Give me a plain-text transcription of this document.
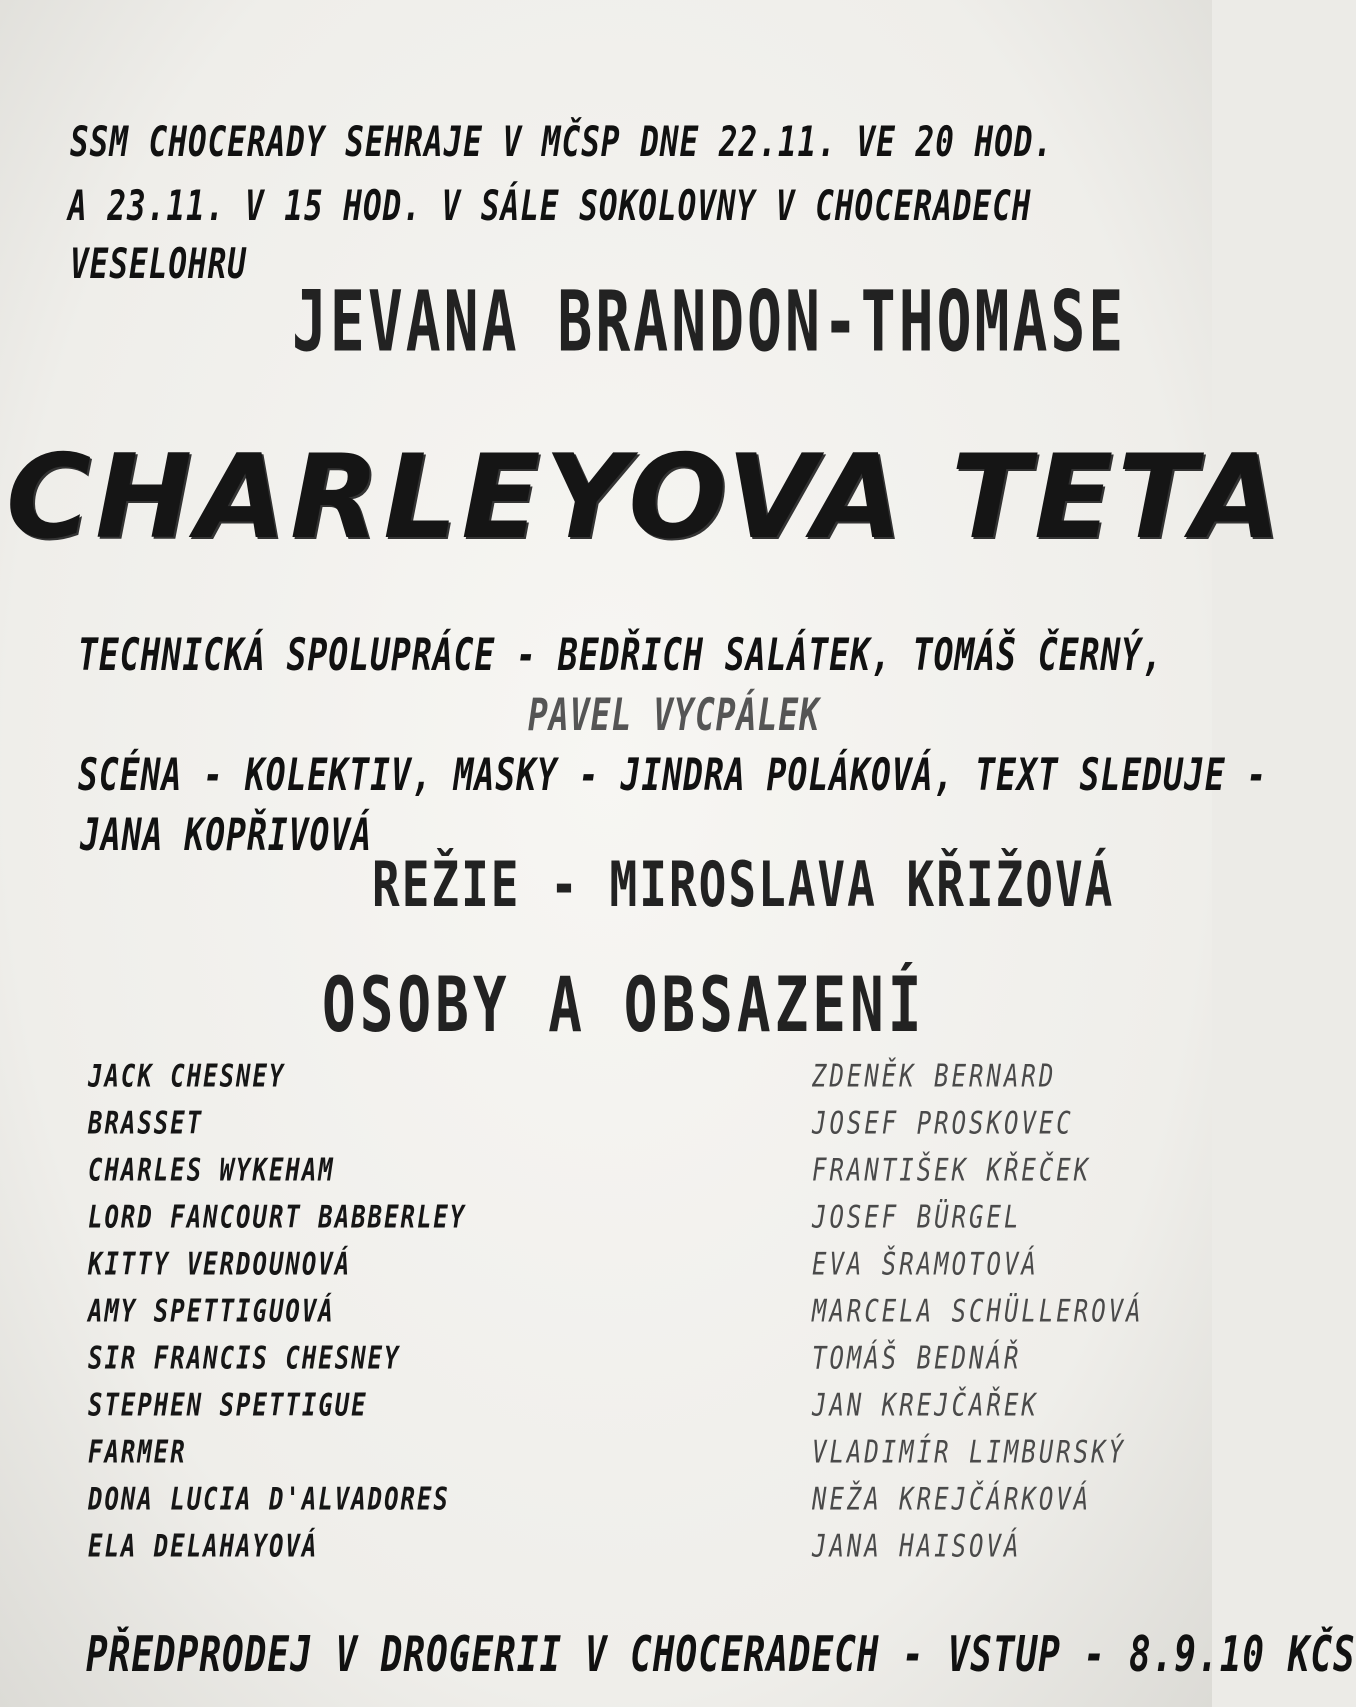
SSM CHOCERADY SEHRAJE V MČSP DNE 22.11. VE 20 HOD.
A 23.11. V 15 HOD. V SÁLE SOKOLOVNY V CHOCERADECH
VESELOHRU
JEVANA BRANDON-THOMASE
CHARLEYOVA TETA
TECHNICKÁ SPOLUPRÁCE - BEDŘICH SALÁTEK, TOMÁŠ ČERNÝ,
PAVEL VYCPÁLEK
SCÉNA - KOLEKTIV, MASKY - JINDRA POLÁKOVÁ, TEXT SLEDUJE -
JANA KOPŘIVOVÁ
REŽIE - MIROSLAVA KŘIŽOVÁ
OSOBY A OBSAZENÍ
JACK CHESNEY
BRASSET
CHARLES WYKEHAM
LORD FANCOURT BABBERLEY
KITTY VERDOUNOVÁ
AMY SPETTIGUOVÁ
SIR FRANCIS CHESNEY
STEPHEN SPETTIGUE
FARMER
DONA LUCIA D'ALVADORES
ELA DELAHAYOVÁ
ZDENĚK BERNARD
JOSEF PROSKOVEC
FRANTIŠEK KŘEČEK
JOSEF BÜRGEL
EVA ŠRAMOTOVÁ
MARCELA SCHÜLLEROVÁ
TOMÁŠ BEDNÁŘ
JAN KREJČAŘEK
VLADIMÍR LIMBURSKÝ
NEŽA KREJČÁRKOVÁ
JANA HAISOVÁ
PŘEDPRODEJ V DROGERII V CHOCERADECH - VSTUP - 8.9.10 KČS
